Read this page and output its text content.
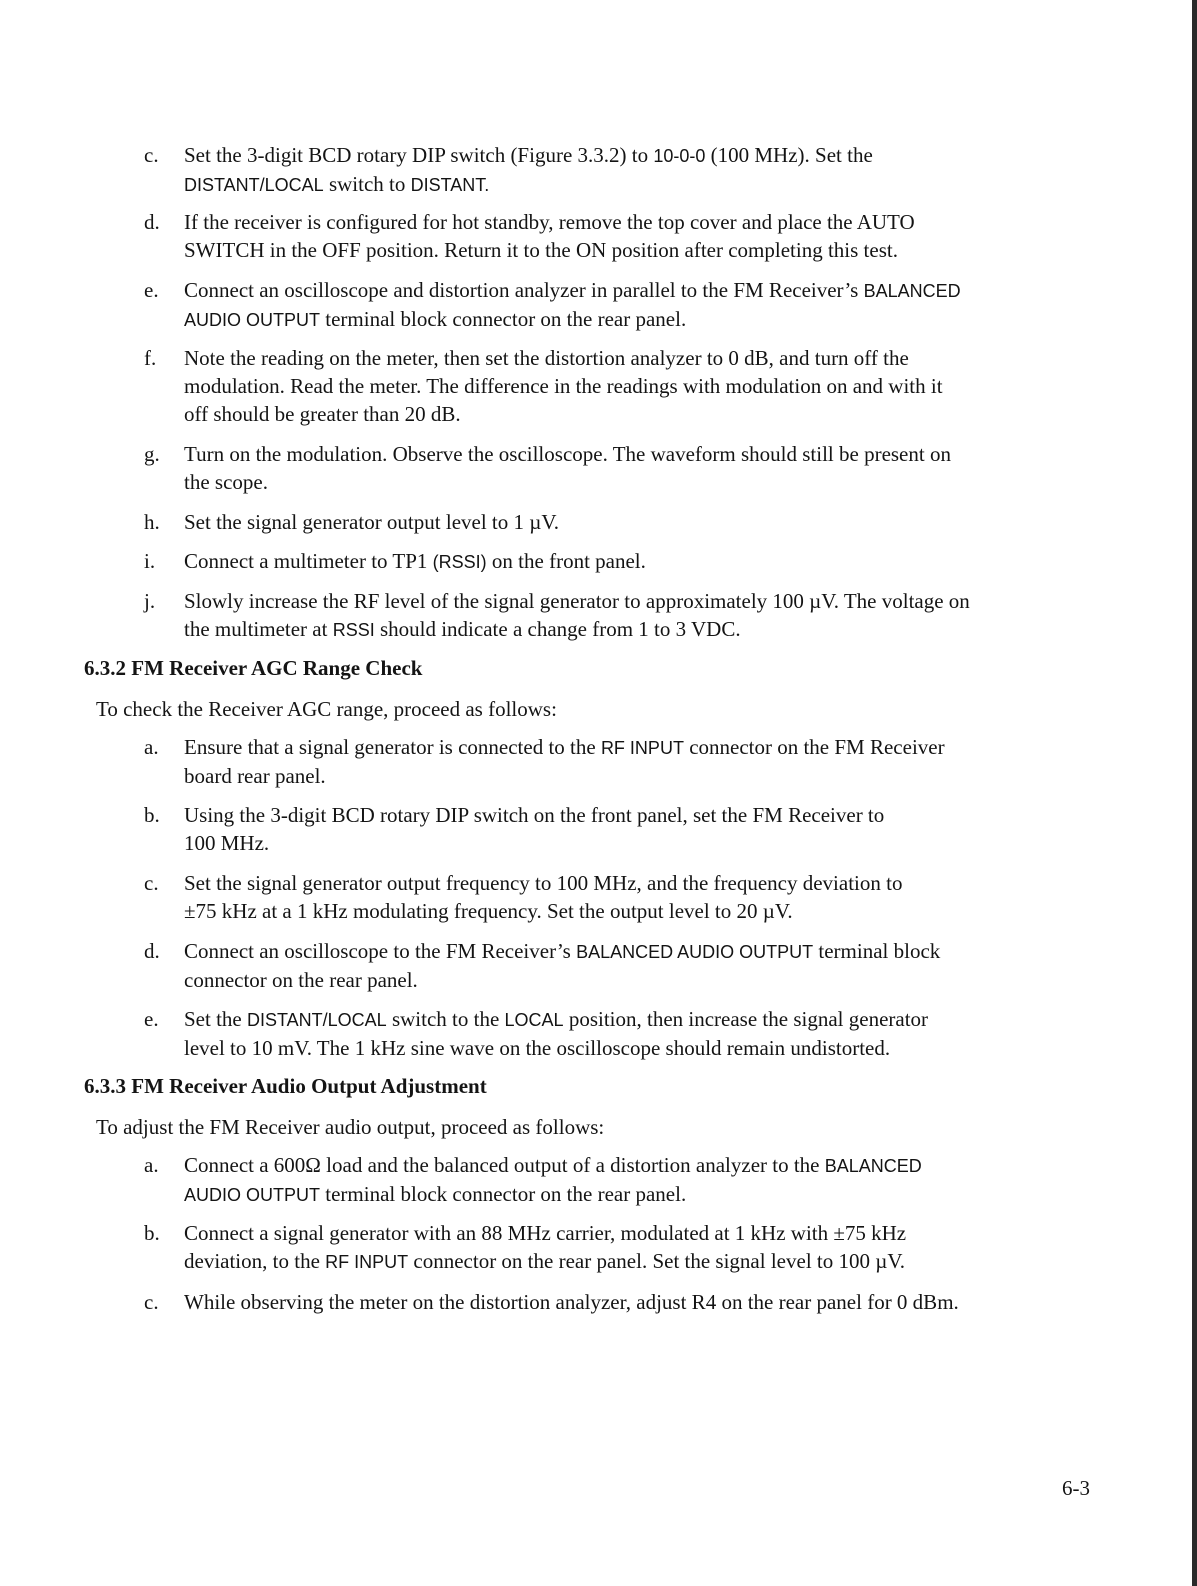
c.	Set the 3-digit BCD rotary DIP switch (Figure 3.3.2) to 10-0-0 (100 MHz). Set the
DISTANT/LOCAL switch to DISTANT.
d.	If the receiver is configured for hot standby, remove the top cover and place the AUTO
SWITCH in the OFF position. Return it to the ON position after completing this test.
e.	Connect an oscilloscope and distortion analyzer in parallel to the FM Receiver’s BALANCED
AUDIO OUTPUT terminal block connector on the rear panel.
f.	Note the reading on the meter, then set the distortion analyzer to 0 dB, and turn off the
modulation. Read the meter. The difference in the readings with modulation on and with it
off should be greater than 20 dB.
g.	Turn on the modulation. Observe the oscilloscope. The waveform should still be present on
the scope.
h.	Set the signal generator output level to 1 µV.
i.	Connect a multimeter to TP1 (RSSI) on the front panel.
j.	Slowly increase the RF level of the signal generator to approximately 100 µV. The voltage on
the multimeter at RSSI should indicate a change from 1 to 3 VDC.
6.3.2 FM Receiver AGC Range Check
To check the Receiver AGC range, proceed as follows:
a.	Ensure that a signal generator is connected to the RF INPUT connector on the FM Receiver
board rear panel.
b.	Using the 3-digit BCD rotary DIP switch on the front panel, set the FM Receiver to
100 MHz.
c.	Set the signal generator output frequency to 100 MHz, and the frequency deviation to
±75 kHz at a 1 kHz modulating frequency. Set the output level to 20 µV.
d.	Connect an oscilloscope to the FM Receiver’s BALANCED AUDIO OUTPUT terminal block
connector on the rear panel.
e.	Set the DISTANT/LOCAL switch to the LOCAL position, then increase the signal generator
level to 10 mV. The 1 kHz sine wave on the oscilloscope should remain undistorted.
6.3.3 FM Receiver Audio Output Adjustment
To adjust the FM Receiver audio output, proceed as follows:
a.	Connect a 600Ω load and the balanced output of a distortion analyzer to the BALANCED
AUDIO OUTPUT terminal block connector on the rear panel.
b.	Connect a signal generator with an 88 MHz carrier, modulated at 1 kHz with ±75 kHz
deviation, to the RF INPUT connector on the rear panel. Set the signal level to 100 µV.
c.	While observing the meter on the distortion analyzer, adjust R4 on the rear panel for 0 dBm.
6-3
